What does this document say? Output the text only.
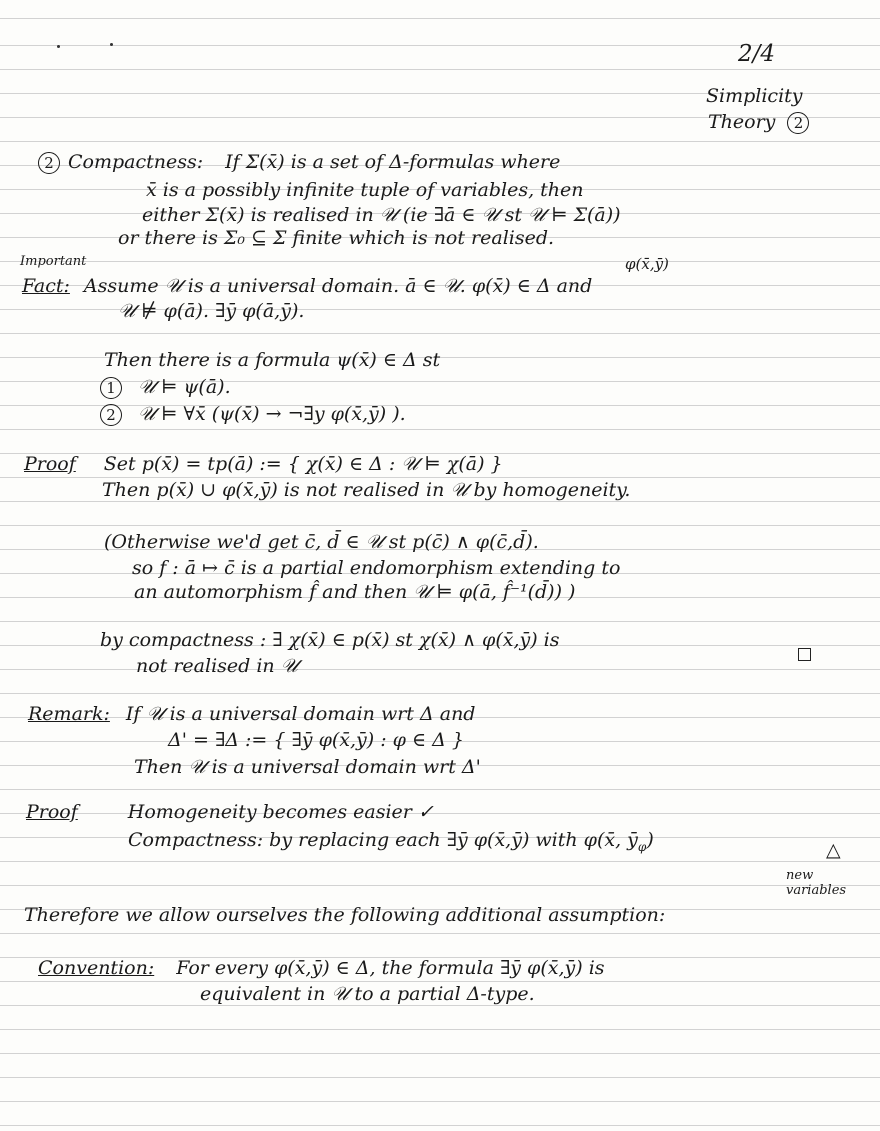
2/4
Simplicity
Theory 2
2 Compactness: If Σ(x̄) is a set of Δ-formulas where
x̄ is a possibly infinite tuple of variables, then
either Σ(x̄) is realised in 𝒰 (ie ∃ā ∈ 𝒰 st 𝒰 ⊨ Σ(ā))
or there is Σ₀ ⊆ Σ finite which is not realised.
Important	φ(x̄,ȳ)
Fact: Assume 𝒰 is a universal domain. ā ∈ 𝒰. φ(x̄) ∈ Δ and
𝒰 ⊭ φ(ā). ∃ȳ φ(ā,ȳ).
Then there is a formula ψ(x̄) ∈ Δ st
1 𝒰 ⊨ ψ(ā).
2 𝒰 ⊨ ∀x̄ (ψ(x̄) → ¬∃y φ(x̄,ȳ) ).
Proof Set p(x̄) = tp(ā) := { χ(x̄) ∈ Δ : 𝒰 ⊨ χ(ā) }
Then p(x̄) ∪ φ(x̄,ȳ) is not realised in 𝒰 by homogeneity.
(Otherwise we'd get c̄, d̄ ∈ 𝒰 st p(c̄) ∧ φ(c̄,d̄).
so f : ā ↦ c̄ is a partial endomorphism extending to
an automorphism f̂ and then 𝒰 ⊨ φ(ā, f̂⁻¹(d̄)) )
by compactness : ∃ χ(x̄) ∈ p(x̄) st χ(x̄) ∧ φ(x̄,ȳ) is
not realised in 𝒰
Remark: If 𝒰 is a universal domain wrt Δ and
Δ' = ∃Δ := { ∃ȳ φ(x̄,ȳ) : φ ∈ Δ }
Then 𝒰 is a universal domain wrt Δ'
Proof	Homogeneity becomes easier ✓
Compactness: by replacing each ∃ȳ φ(x̄,ȳ) with φ(x̄, $ȳ_\varphi$)	△
new
variables
Therefore we allow ourselves the following additional assumption:
Convention: For every φ(x̄,ȳ) ∈ Δ, the formula ∃ȳ φ(x̄,ȳ) is
equivalent in 𝒰 to a partial Δ-type.
